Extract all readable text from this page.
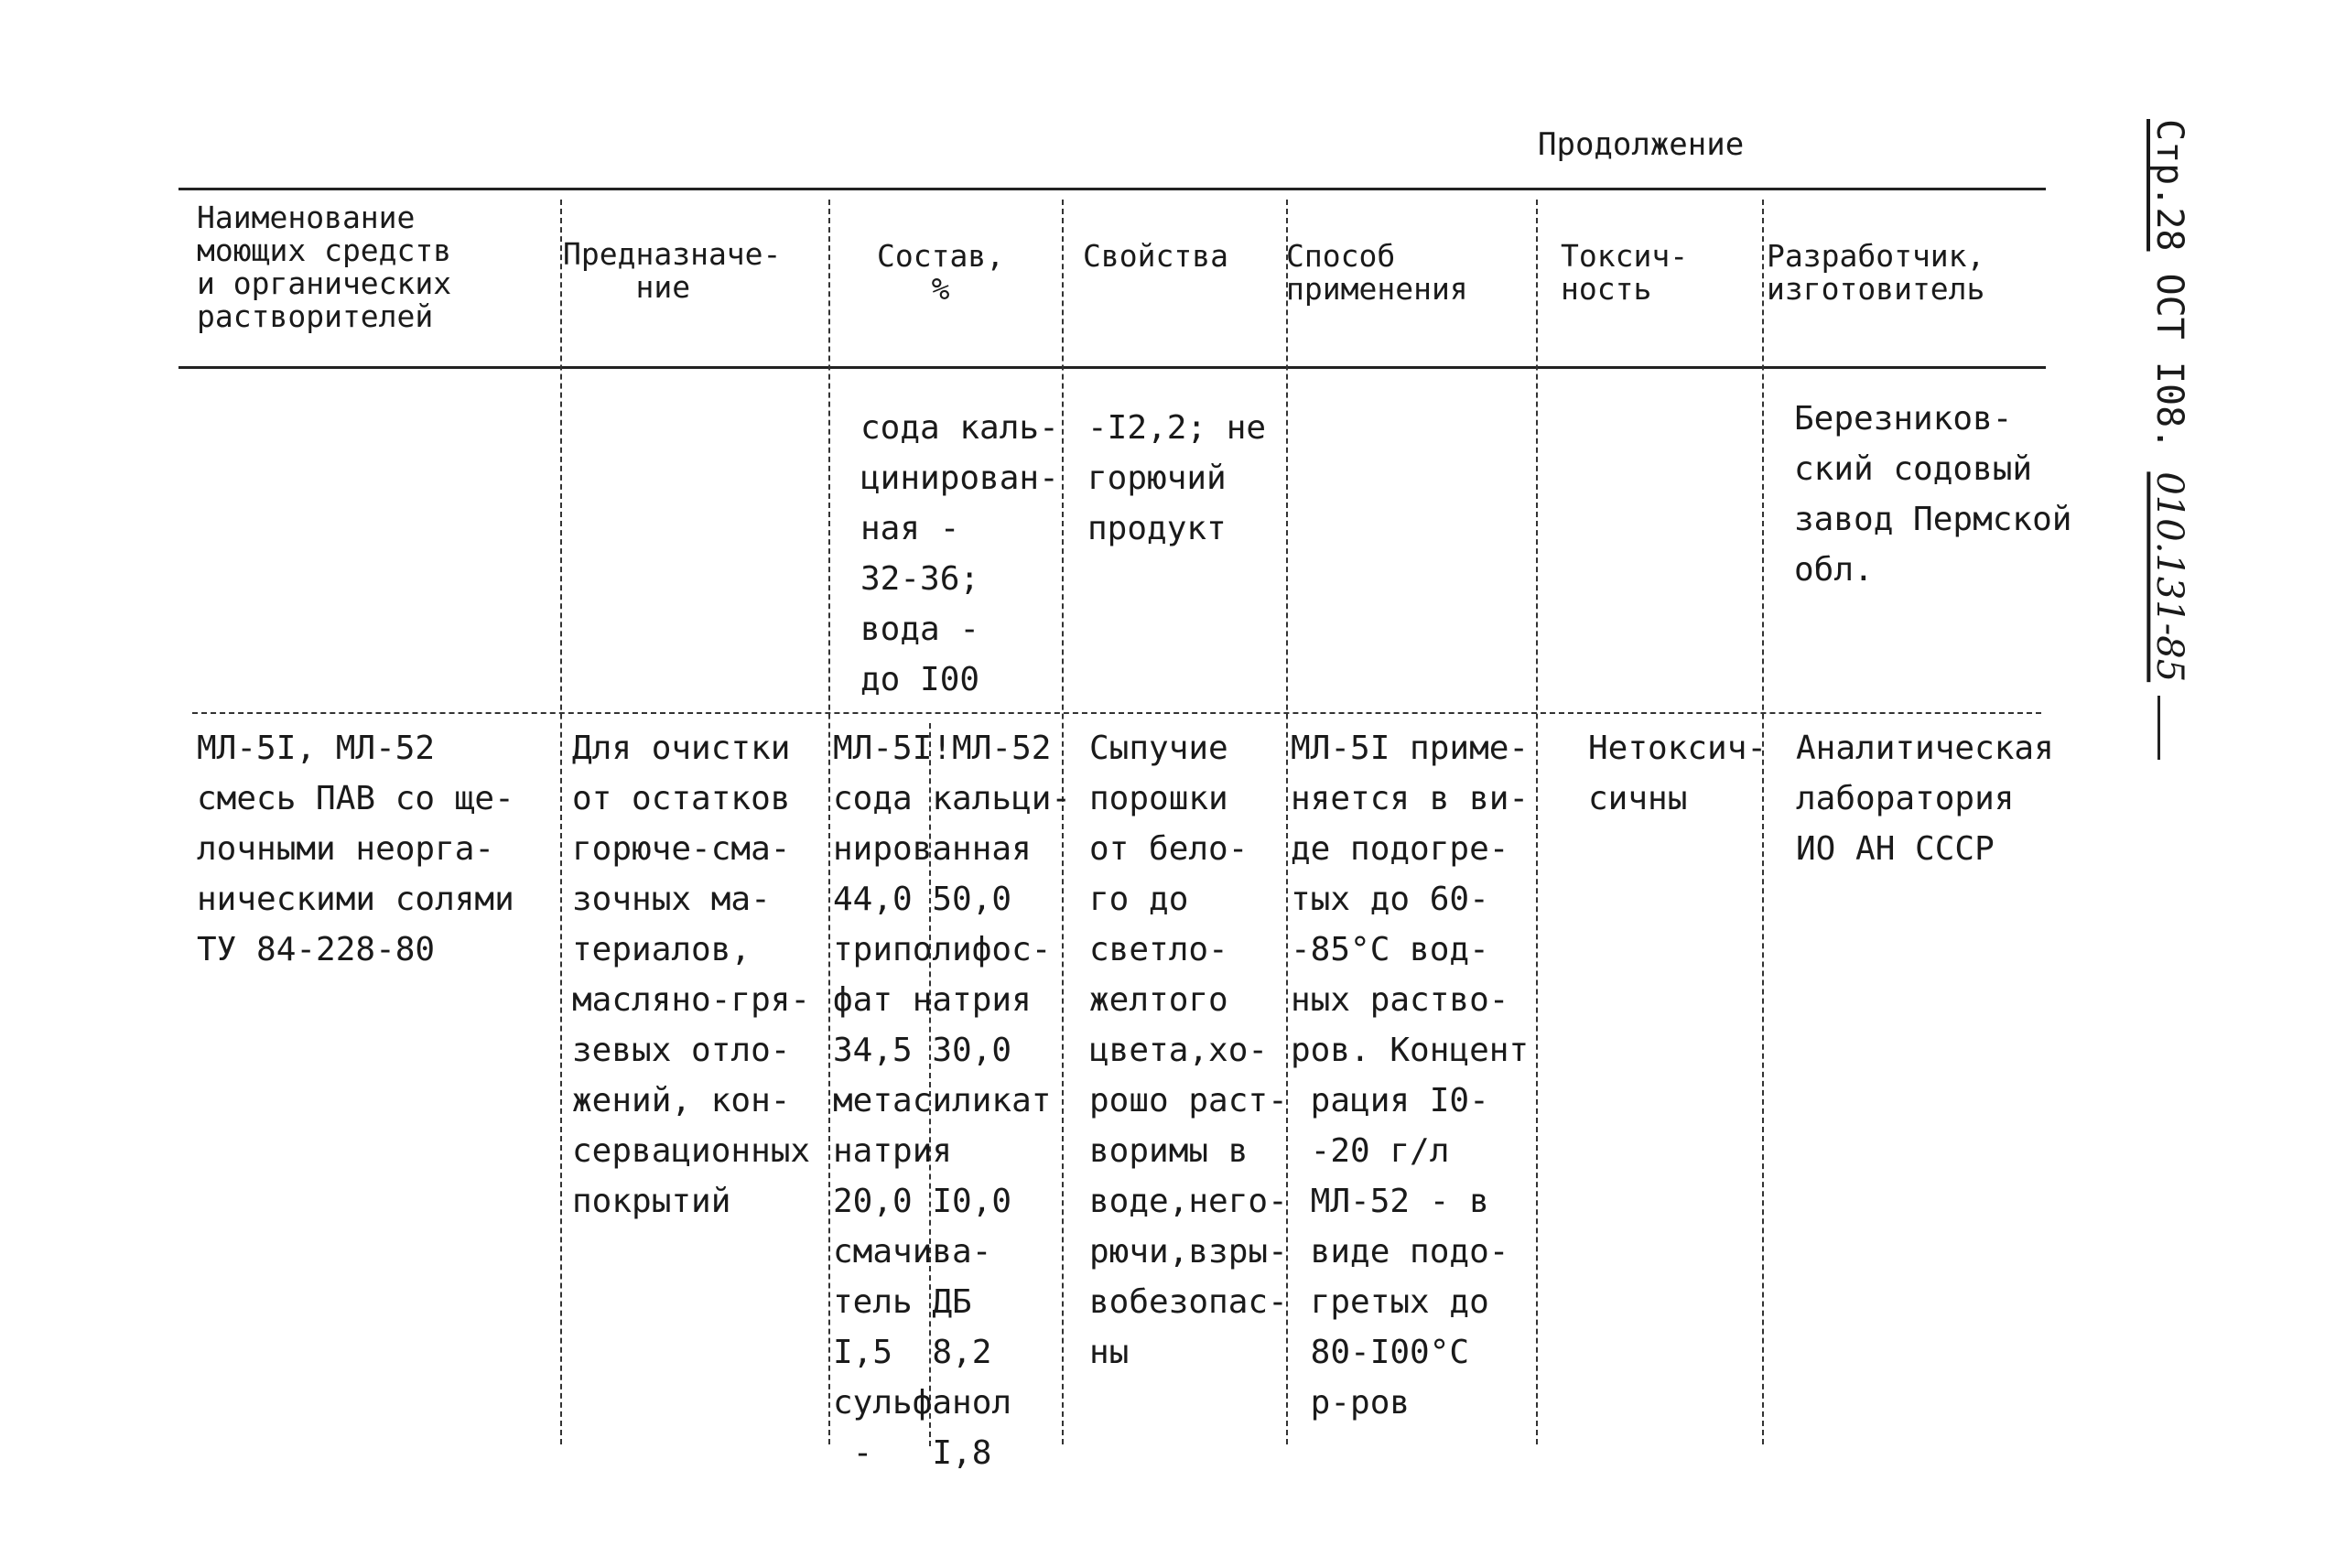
Продолжение	Стр.28 ОСТ I08. 010.131-85
Наименование
моющих средств
и органических
растворителей
Предназначе-
ние
Состав,
%
Свойства Способ
применения
Токсич-
ность
Разработчик,
изготовитель
сода каль-
цинирован-
ная -
32-36;
вода -
до I00
-I2,2; не
горючий
продукт
Березников-
ский содовый
завод Пермской
обл.
МЛ-5I, МЛ-52
смесь ПАВ со ще-
лочными неорга-
ническими солями
ТУ 84-228-80
Для очистки
от остатков
горюче-сма-
зочных ма-
териалов,
масляно-гря-
зевых отло-
жений, кон-
сервационных
покрытий
МЛ-5I!МЛ-52
сода кальци-
нированная
44,0 50,0
триполифос-
фат натрия
34,5 30,0
метасиликат
натрия
20,0 I0,0
смачива-
тель ДБ
I,5  8,2
сульфанол
-   I,8
Сыпучие
порошки
от бело-
го до
светло-
желтого
цвета,хо-
рошо раст-
воримы в
воде,него-
рючи,взры-
вобезопас-
ны
МЛ-5I приме-
няется в ви-
де подогре-
тых до 60-
-85°С вод-
ных раство-
ров. Концент
рация I0-
-20 г/л
МЛ-52 - в
виде подо-
гретых до
80-I00°С
р-ров
Нетоксич-
сичны
Аналитическая
лаборатория
ИО АН СССР
